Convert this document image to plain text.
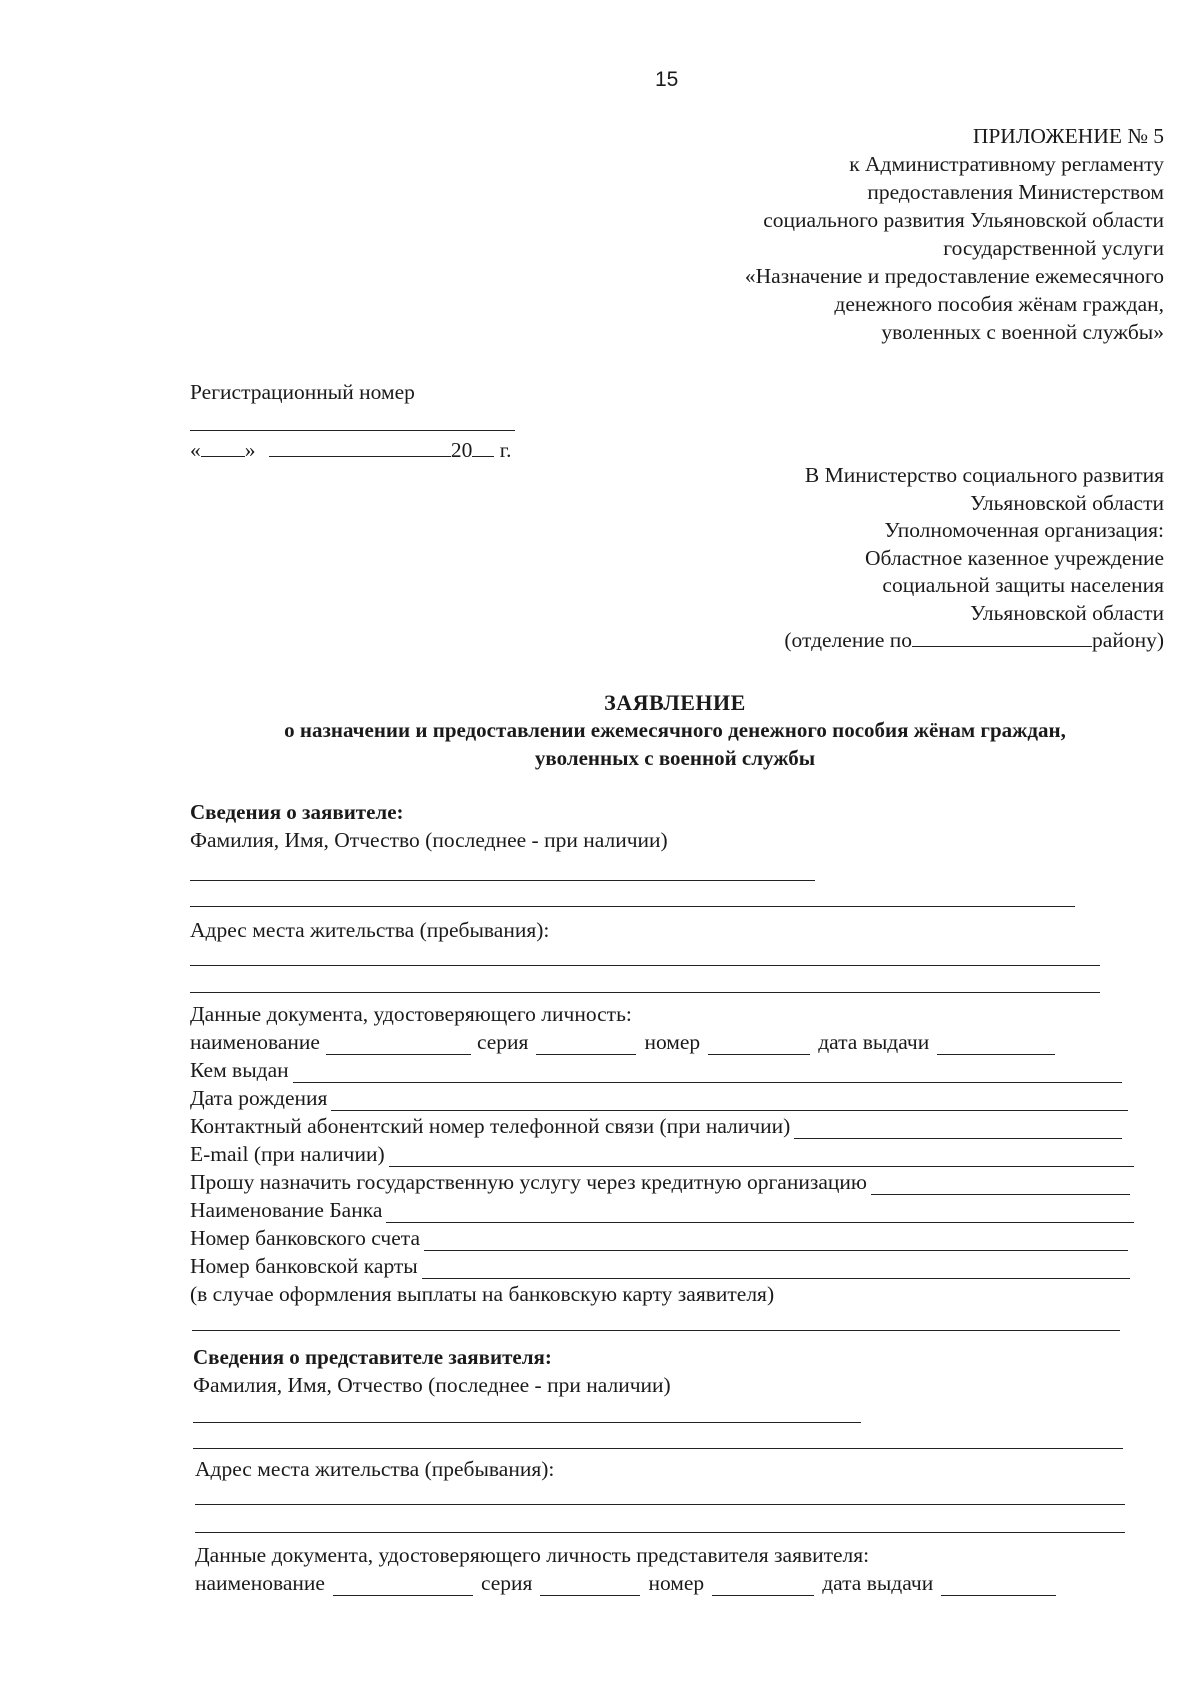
15
ПРИЛОЖЕНИЕ № 5
к Административному регламенту
предоставления Министерством
социального развития Ульяновской области
государственной услуги
«Назначение и предоставление ежемесячного
денежного пособия жёнам граждан,
уволенных с военной службы»
Регистрационный номер
« »	20 г.
В Министерство социального развития
Ульяновской области
Уполномоченная организация:
Областное казенное учреждение
социальной защиты населения
Ульяновской области
(отделение по	району)
ЗАЯВЛЕНИЕ
о назначении и предоставлении ежемесячного денежного пособия жёнам граждан,
уволенных с военной службы
Сведения о заявителе:
Фамилия, Имя, Отчество (последнее - при наличии)
Адрес места жительства (пребывания):
Данные документа, удостоверяющего личность:
наименование	серия	номер	дата выдачи
Кем выдан
Дата рождения
Контактный абонентский номер телефонной связи (при наличии)
E-mail (при наличии)
Прошу назначить государственную услугу через кредитную организацию
Наименование Банка
Номер банковского счета
Номер банковской карты
(в случае оформления выплаты на банковскую карту заявителя)
Сведения о представителе заявителя:
Фамилия, Имя, Отчество (последнее - при наличии)
Адрес места жительства (пребывания):
Данные документа, удостоверяющего личность представителя заявителя:
наименование	серия	номер	дата выдачи
